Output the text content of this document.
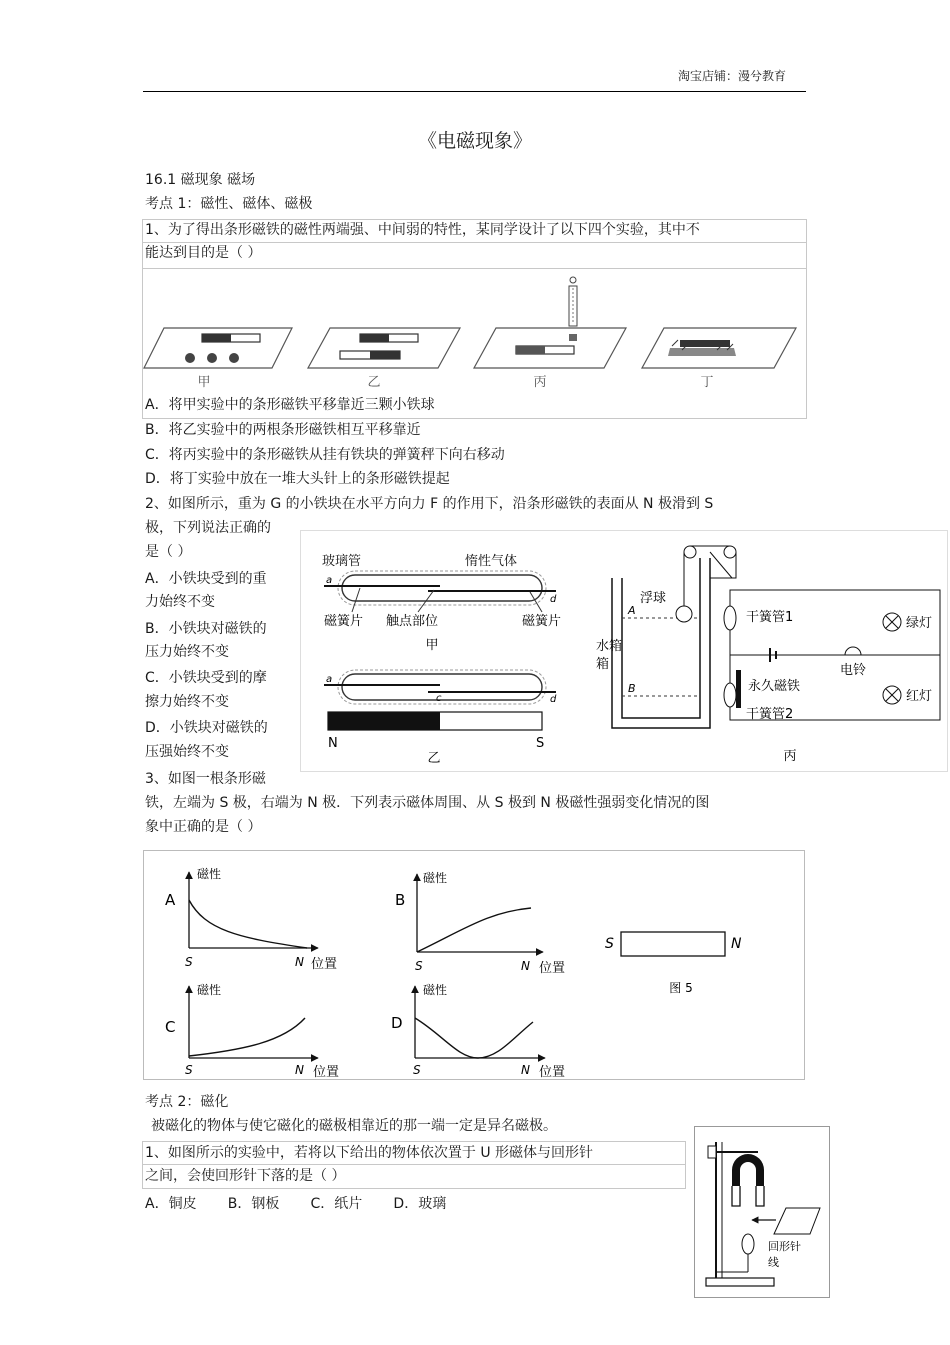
淘宝店铺：漫兮教育
《电磁现象》
16.1 磁现象 磁场
考点 1：磁性、磁体、磁极
1、为了得出条形磁铁的磁性两端强、中间弱的特性，某同学设计了以下四个实验，其中不
能达到目的是（ ）
甲	乙	丙	丁
A．将甲实验中的条形磁铁平移靠近三颗小铁球
B．将乙实验中的两根条形磁铁相互平移靠近
C．将丙实验中的条形磁铁从挂有铁块的弹簧秤下向右移动
D．将丁实验中放在一堆大头针上的条形磁铁提起
2、如图所示，重为 G 的小铁块在水平方向力 F 的作用下，沿条形磁铁的表面从 N 极滑到 S
极，下列说法正确的
是（ ）
A．小铁块受到的重
力始终不变
B．小铁块对磁铁的
压力始终不变
C．小铁块受到的摩
擦力始终不变
D．小铁块对磁铁的
压强始终不变
玻璃管	惰性气体
a
d
磁簧片 触点部位	磁簧片
甲
a
c	d
N	S
乙
水箱
箱
A
B
浮球
干簧管1
永久磁铁
干簧管2
电铃
绿灯
红灯
丙
3、如图一根条形磁
铁，左端为 S 极，右端为 N 极．下列表示磁体周围、从 S 极到 N 极磁性强弱变化情况的图
象中正确的是（ ）
A
磁性
S	N 位置
B
磁性
S	N 位置
S	N
图 5
C
磁性
S	N 位置
D
磁性
S	N 位置
考点 2：磁化
被磁化的物体与使它磁化的磁极相靠近的那一端一定是异名磁极。
1、如图所示的实验中，若将以下给出的物体依次置于 U 形磁体与回形针
之间，会使回形针下落的是（ ）
A．铜皮       B．钢板       C．纸片       D．玻璃
回形针
线
